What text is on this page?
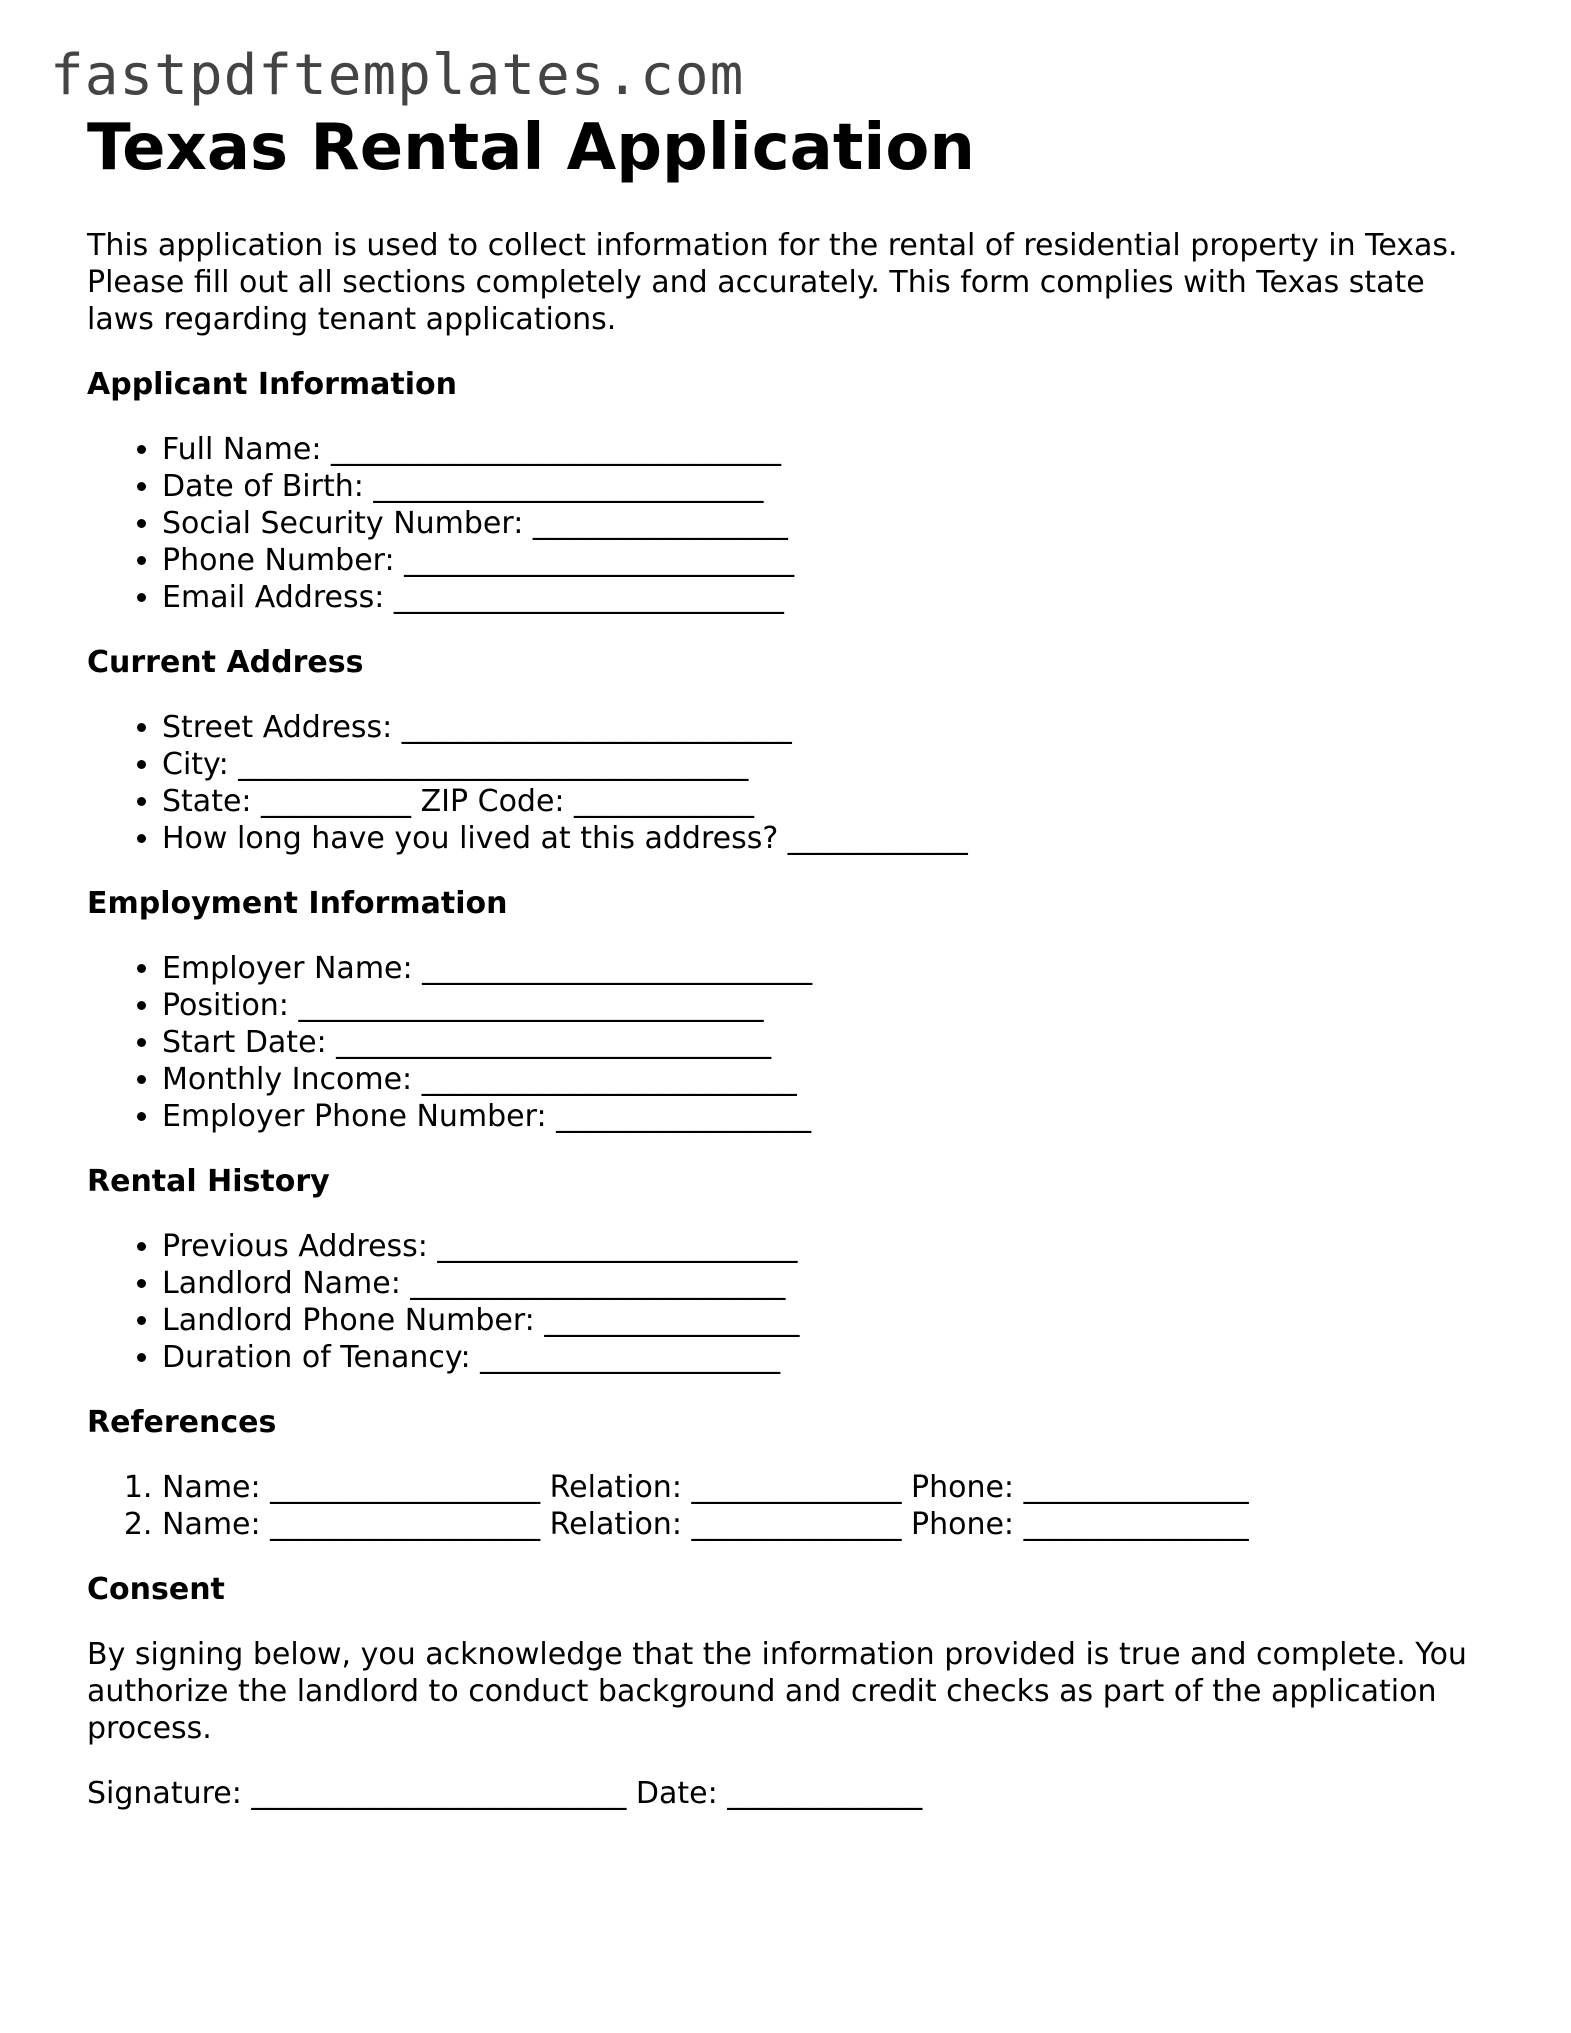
fastpdftemplates.com
Texas Rental Application

This application is used to collect information for the rental of residential property in Texas. Please fill out all sections completely and accurately. This form complies with Texas state laws regarding tenant applications.

Applicant Information
• Full Name: ______________________________
• Date of Birth: __________________________
• Social Security Number: _________________
• Phone Number: __________________________
• Email Address: __________________________
Current Address
• Street Address: __________________________
• City: __________________________________
• State: __________ ZIP Code: ____________
• How long have you lived at this address? ____________
Employment Information
• Employer Name: __________________________
• Position: _______________________________
• Start Date: _____________________________
• Monthly Income: _________________________
• Employer Phone Number: _________________
Rental History
• Previous Address: ________________________
• Landlord Name: _________________________
• Landlord Phone Number: _________________
• Duration of Tenancy: ____________________
References
1. Name: __________________ Relation: ______________ Phone: _______________
2. Name: __________________ Relation: ______________ Phone: _______________
Consent

By signing below, you acknowledge that the information provided is true and complete. You authorize the landlord to conduct background and credit checks as part of the application process.

Signature: _________________________ Date: _____________
